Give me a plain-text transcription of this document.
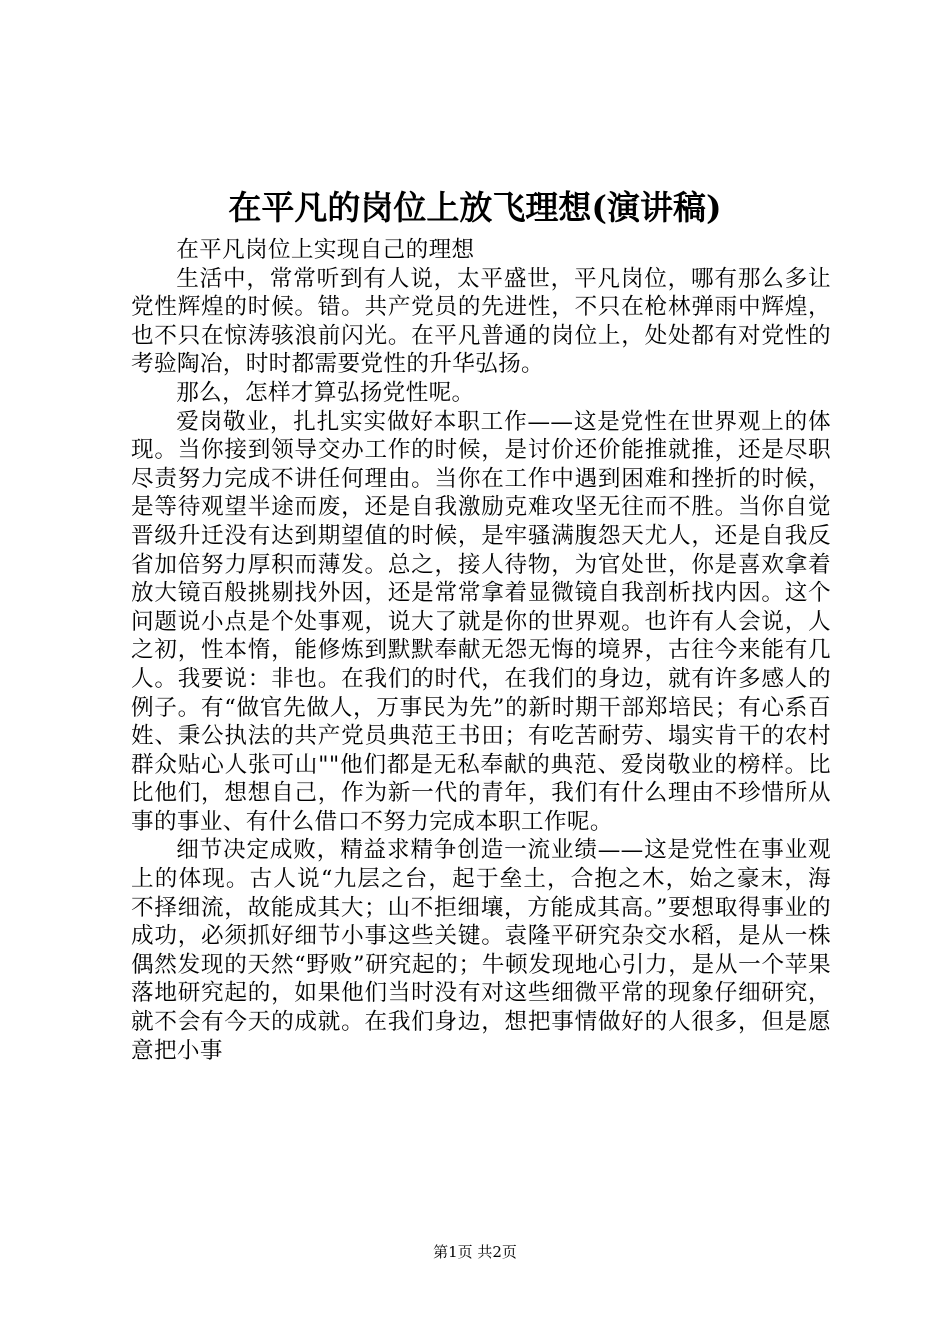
在平凡的岗位上放飞理想(演讲稿)

在平凡岗位上实现自己的理想

生活中，常常听到有人说，太平盛世，平凡岗位，哪有那么多让党性辉煌的时候。错。共产党员的先进性，不只在枪林弹雨中辉煌，也不只在惊涛骇浪前闪光。在平凡普通的岗位上，处处都有对党性的考验陶冶，时时都需要党性的升华弘扬。

那么，怎样才算弘扬党性呢。

爱岗敬业，扎扎实实做好本职工作——这是党性在世界观上的体现。当你接到领导交办工作的时候，是讨价还价能推就推，还是尽职尽责努力完成不讲任何理由。当你在工作中遇到困难和挫折的时候，是等待观望半途而废，还是自我激励克难攻坚无往而不胜。当你自觉晋级升迁没有达到期望值的时候，是牢骚满腹怨天尤人，还是自我反省加倍努力厚积而薄发。总之，接人待物，为官处世，你是喜欢拿着放大镜百般挑剔找外因，还是常常拿着显微镜自我剖析找内因。这个问题说小点是个处事观，说大了就是你的世界观。也许有人会说，人之初，性本惰，能修炼到默默奉献无怨无悔的境界，古往今来能有几人。我要说：非也。在我们的时代，在我们的身边，就有许多感人的例子。有“做官先做人，万事民为先”的新时期干部郑培民；有心系百姓、秉公执法的共产党员典范王书田；有吃苦耐劳、塌实肯干的农村群众贴心人张可山""他们都是无私奉献的典范、爱岗敬业的榜样。比比他们，想想自己，作为新一代的青年，我们有什么理由不珍惜所从事的事业、有什么借口不努力完成本职工作呢。

细节决定成败，精益求精争创造一流业绩——这是党性在事业观上的体现。古人说“九层之台，起于垒土，合抱之木，始之豪末，海不择细流，故能成其大；山不拒细壤，方能成其高。”要想取得事业的成功，必须抓好细节小事这些关键。袁隆平研究杂交水稻，是从一株偶然发现的天然“野败”研究起的；牛顿发现地心引力，是从一个苹果落地研究起的，如果他们当时没有对这些细微平常的现象仔细研究，就不会有今天的成就。在我们身边，想把事情做好的人很多，但是愿意把小事

第1页 共2页
